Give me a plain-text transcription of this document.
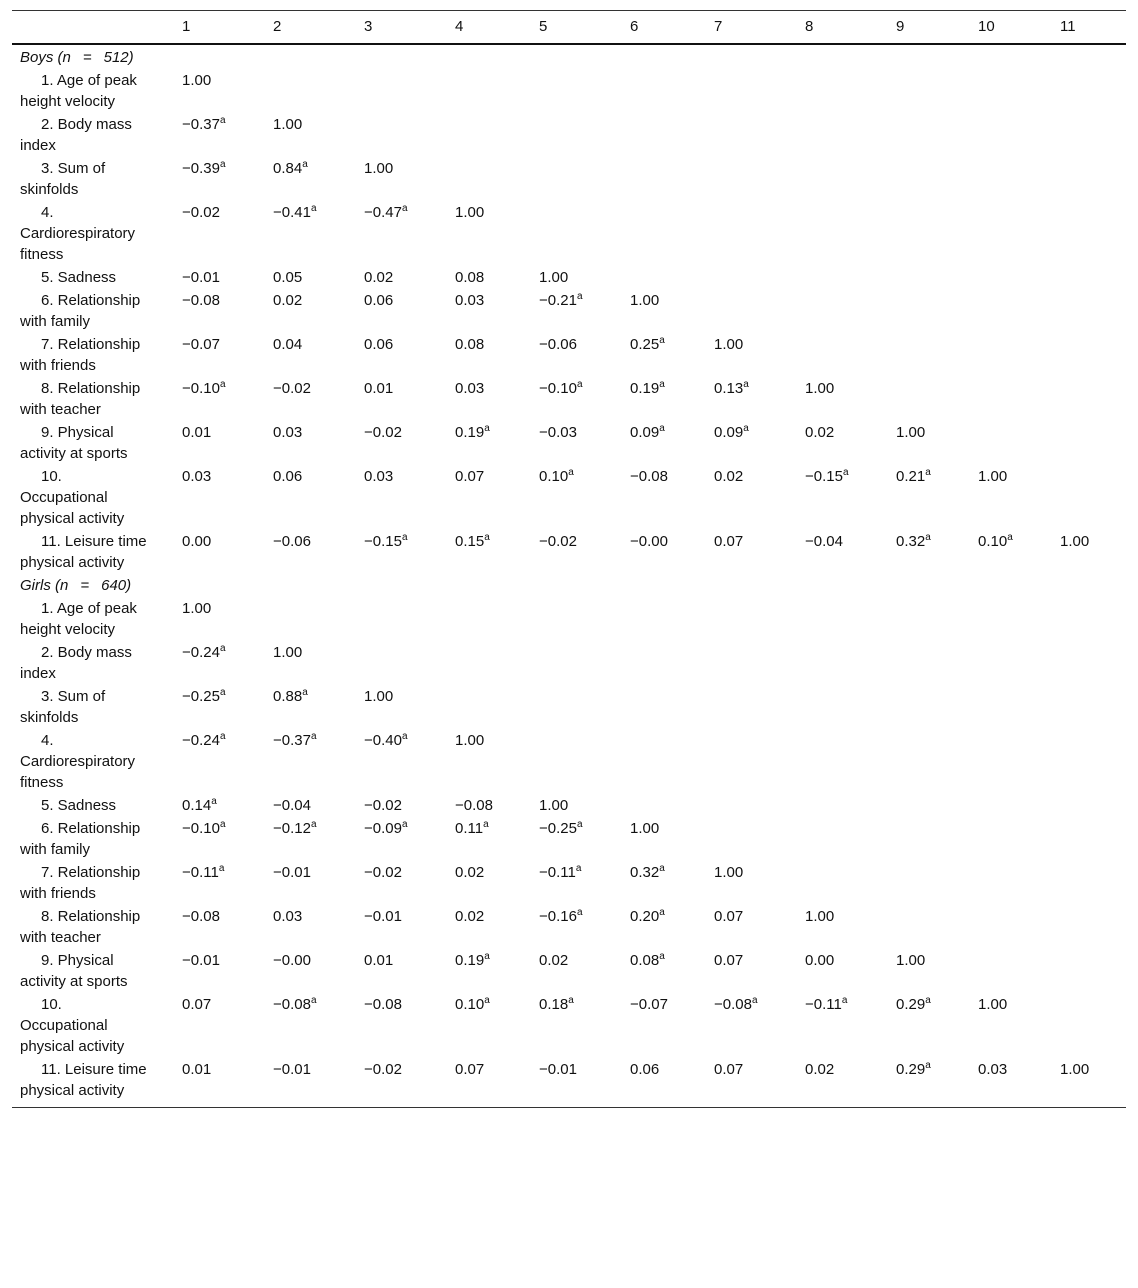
	1	2	3	4	5	6	7	8	9	10	11
Boys (n = 512)											

1. Age of peak height velocity	1.00										

2. Body mass index	−0.37$^a$	1.00									

3. Sum of skinfolds	−0.39$^a$	0.84$^a$	1.00								

4. Cardiorespiratory fitness	−0.02	−0.41$^a$	−0.47$^a$	1.00							

5. Sadness	−0.01	0.05	0.02	0.08	1.00						

6. Relationship with family	−0.08	0.02	0.06	0.03	−0.21$^a$	1.00					

7. Relationship with friends	−0.07	0.04	0.06	0.08	−0.06	0.25$^a$	1.00				

8. Relationship with teacher	−0.10$^a$	−0.02	0.01	0.03	−0.10$^a$	0.19$^a$	0.13$^a$	1.00			

9. Physical activity at sports	0.01	0.03	−0.02	0.19$^a$	−0.03	0.09$^a$	0.09$^a$	0.02	1.00		

10. Occupational physical activity	0.03	0.06	0.03	0.07	0.10$^a$	−0.08	0.02	−0.15$^a$	0.21$^a$	1.00	

11. Leisure time physical activity	0.00	−0.06	−0.15$^a$	0.15$^a$	−0.02	−0.00	0.07	−0.04	0.32$^a$	0.10$^a$	1.00
Girls (n = 640)											

1. Age of peak height velocity	1.00										

2. Body mass index	−0.24$^a$	1.00									

3. Sum of skinfolds	−0.25$^a$	0.88$^a$	1.00								

4. Cardiorespiratory fitness	−0.24$^a$	−0.37$^a$	−0.40$^a$	1.00							

5. Sadness	0.14$^a$	−0.04	−0.02	−0.08	1.00						

6. Relationship with family	−0.10$^a$	−0.12$^a$	−0.09$^a$	0.11$^a$	−0.25$^a$	1.00					

7. Relationship with friends	−0.11$^a$	−0.01	−0.02	0.02	−0.11$^a$	0.32$^a$	1.00				

8. Relationship with teacher	−0.08	0.03	−0.01	0.02	−0.16$^a$	0.20$^a$	0.07	1.00			

9. Physical activity at sports	−0.01	−0.00	0.01	0.19$^a$	0.02	0.08$^a$	0.07	0.00	1.00		

10. Occupational physical activity	0.07	−0.08$^a$	−0.08	0.10$^a$	0.18$^a$	−0.07	−0.08$^a$	−0.11$^a$	0.29$^a$	1.00	

11. Leisure time physical activity	0.01	−0.01	−0.02	0.07	−0.01	0.06	0.07	0.02	0.29$^a$	0.03	1.00
